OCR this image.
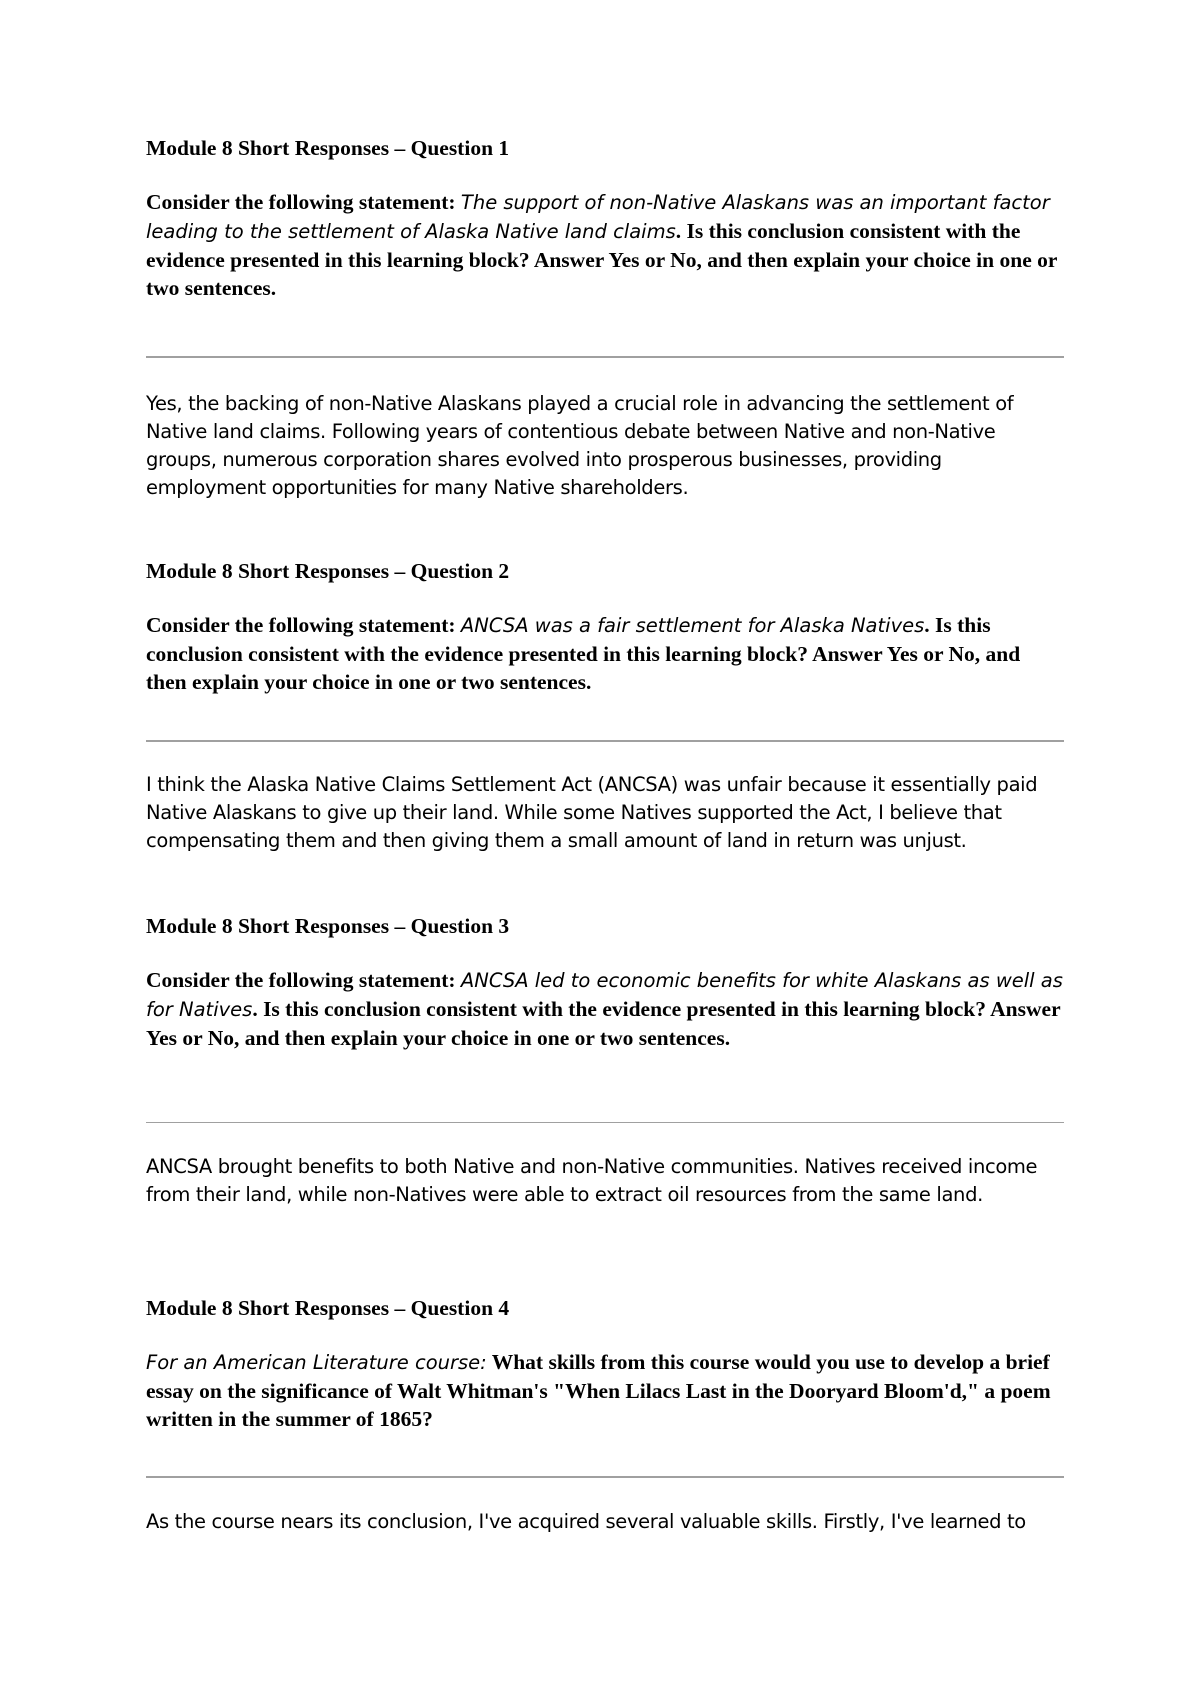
Module 8 Short Responses – Question 1

Consider the following statement: The support of non-Native Alaskans was an important factor leading to the settlement of Alaska Native land claims. Is this conclusion consistent with the evidence presented in this learning block? Answer Yes or No, and then explain your choice in one or two sentences.

Yes, the backing of non-Native Alaskans played a crucial role in advancing the settlement of Native land claims. Following years of contentious debate between Native and non-Native groups, numerous corporation shares evolved into prosperous businesses, providing employment opportunities for many Native shareholders.

Module 8 Short Responses – Question 2

Consider the following statement: ANCSA was a fair settlement for Alaska Natives. Is this conclusion consistent with the evidence presented in this learning block? Answer Yes or No, and then explain your choice in one or two sentences.

I think the Alaska Native Claims Settlement Act (ANCSA) was unfair because it essentially paid Native Alaskans to give up their land. While some Natives supported the Act, I believe that compensating them and then giving them a small amount of land in return was unjust.

Module 8 Short Responses – Question 3

Consider the following statement: ANCSA led to economic benefits for white Alaskans as well as for Natives. Is this conclusion consistent with the evidence presented in this learning block? Answer Yes or No, and then explain your choice in one or two sentences.

ANCSA brought benefits to both Native and non-Native communities. Natives received income from their land, while non-Natives were able to extract oil resources from the same land.

Module 8 Short Responses – Question 4

For an American Literature course: What skills from this course would you use to develop a brief essay on the significance of Walt Whitman's "When Lilacs Last in the Dooryard Bloom'd," a poem written in the summer of 1865?

As the course nears its conclusion, I've acquired several valuable skills. Firstly, I've learned to
